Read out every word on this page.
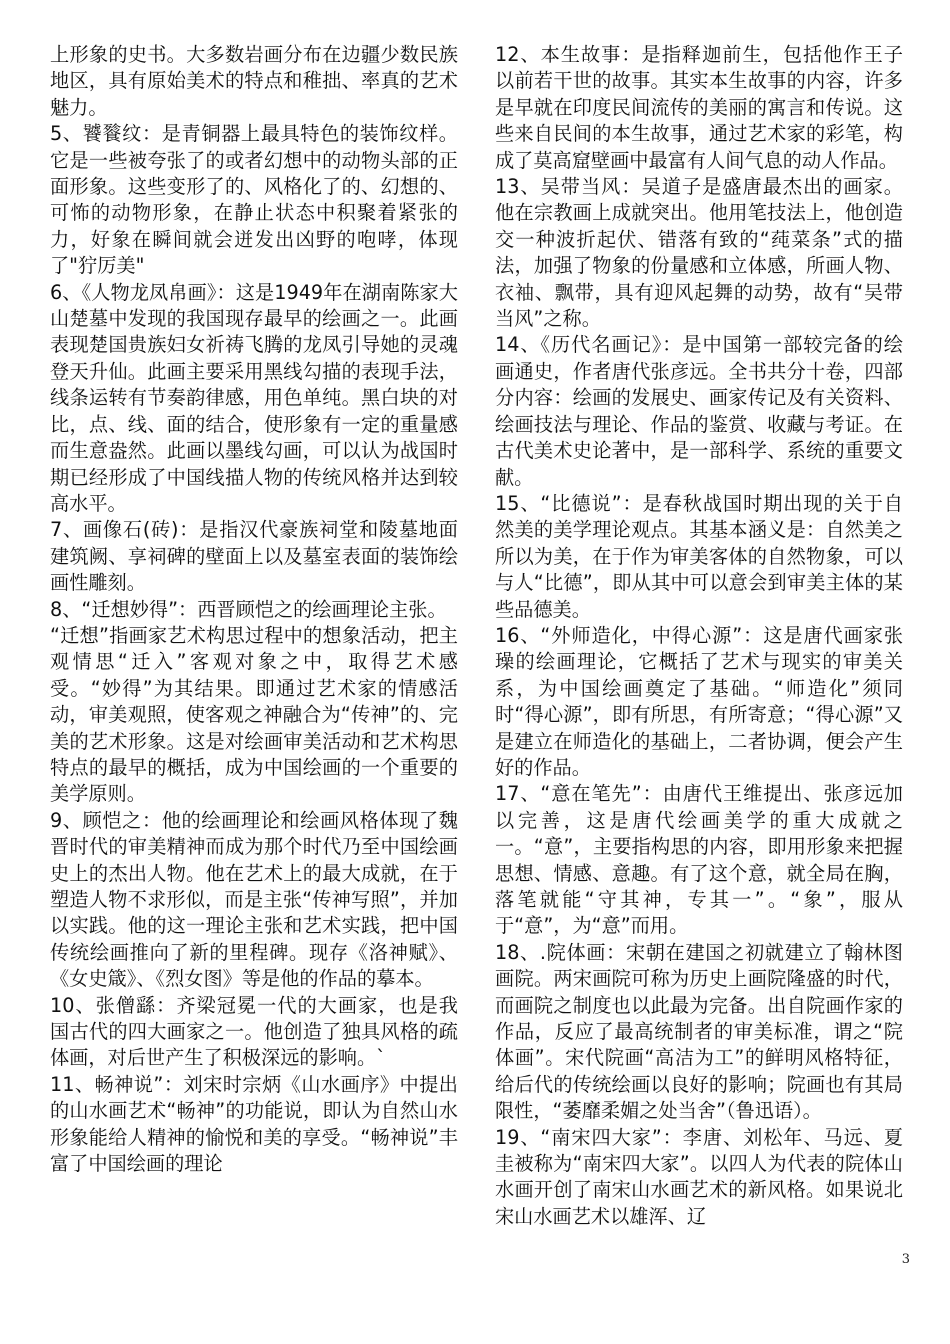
上形象的史书。大多数岩画分布在边疆少数民族地区，具有原始美术的特点和稚拙、率真的艺术魅力。

5、饕餮纹：是青铜器上最具特色的装饰纹样。它是一些被夸张了的或者幻想中的动物头部的正面形象。这些变形了的、风格化了的、幻想的、可怖的动物形象，在静止状态中积聚着紧张的力，好象在瞬间就会迸发出凶野的咆哮，体现了"狞厉美"

6、《人物龙凤帛画》：这是1949年在湖南陈家大山楚墓中发现的我国现存最早的绘画之一。此画表现楚国贵族妇女祈祷飞腾的龙凤引导她的灵魂登天升仙。此画主要采用黑线勾描的表现手法，线条运转有节奏韵律感，用色单纯。黑白块的对比，点、线、面的结合，使形象有一定的重量感而生意盎然。此画以墨线勾画，可以认为战国时期已经形成了中国线描人物的传统风格并达到较高水平。

7、画像石(砖)：是指汉代豪族祠堂和陵墓地面建筑阙、享祠碑的壁面上以及墓室表面的装饰绘画性雕刻。

8、“迁想妙得”：西晋顾恺之的绘画理论主张。

“迁想”指画家艺术构思过程中的想象活动，把主观情思“迁入”客观对象之中，取得艺术感受。“妙得”为其结果。即通过艺术家的情感活动，审美观照，使客观之神融合为“传神”的、完美的艺术形象。这是对绘画审美活动和艺术构思特点的最早的概括，成为中国绘画的一个重要的美学原则。

9、顾恺之：他的绘画理论和绘画风格体现了魏晋时代的审美精神而成为那个时代乃至中国绘画史上的杰出人物。他在艺术上的最大成就，在于塑造人物不求形似，而是主张“传神写照”，并加以实践。他的这一理论主张和艺术实践，把中国传统绘画推向了新的里程碑。现存《洛神赋》、《女史箴》、《烈女图》等是他的作品的摹本。

10、张僧繇：齐梁冠冕一代的大画家，也是我国古代的四大画家之一。他创造了独具风格的疏体画，对后世产生了积极深远的影响。`

11、畅神说”：刘宋时宗炳《山水画序》中提出的山水画艺术“畅神”的功能说，即认为自然山水形象能给人精神的愉悦和美的享受。“畅神说”丰富了中国绘画的理论

12、本生故事：是指释迦前生，包括他作王子以前若干世的故事。其实本生故事的内容，许多是早就在印度民间流传的美丽的寓言和传说。这些来自民间的本生故事，通过艺术家的彩笔，构成了莫高窟壁画中最富有人间气息的动人作品。

13、吴带当风：吴道子是盛唐最杰出的画家。他在宗教画上成就突出。他用笔技法上，他创造交一种波折起伏、错落有致的“莼菜条”式的描法，加强了物象的份量感和立体感，所画人物、衣袖、飘带，具有迎风起舞的动势，故有“吴带当风”之称。

14、《历代名画记》：是中国第一部较完备的绘画通史，作者唐代张彦远。全书共分十卷，四部分内容：绘画的发展史、画家传记及有关资料、绘画技法与理论、作品的鉴赏、收藏与考证。在古代美术史论著中，是一部科学、系统的重要文献。

15、“比德说”：是春秋战国时期出现的关于自然美的美学理论观点。其基本涵义是：自然美之所以为美，在于作为审美客体的自然物象，可以与人“比德”，即从其中可以意会到审美主体的某些品德美。

16、“外师造化，中得心源”：这是唐代画家张璪的绘画理论，它概括了艺术与现实的审美关系，为中国绘画奠定了基础。“师造化”须同时“得心源”，即有所思，有所寄意；“得心源”又是建立在师造化的基础上，二者协调，便会产生好的作品。

17、“意在笔先”：由唐代王维提出、张彦远加以完善，这是唐代绘画美学的重大成就之一。“意”，主要指构思的内容，即用形象来把握思想、情感、意趣。有了这个意，就全局在胸，落笔就能“守其神，专其一”。“象”，服从于“意”，为“意”而用。

18、.院体画：宋朝在建国之初就建立了翰林图画院。两宋画院可称为历史上画院隆盛的时代，而画院之制度也以此最为完备。出自院画作家的作品，反应了最高统制者的审美标准，谓之“院体画”。宋代院画“高洁为工”的鲜明风格特征，给后代的传统绘画以良好的影响；院画也有其局限性，“萎靡柔媚之处当舍”（鲁迅语）。

19、“南宋四大家”：李唐、刘松年、马远、夏圭被称为“南宋四大家”。以四人为代表的院体山水画开创了南宋山水画艺术的新风格。如果说北宋山水画艺术以雄浑、辽

3
